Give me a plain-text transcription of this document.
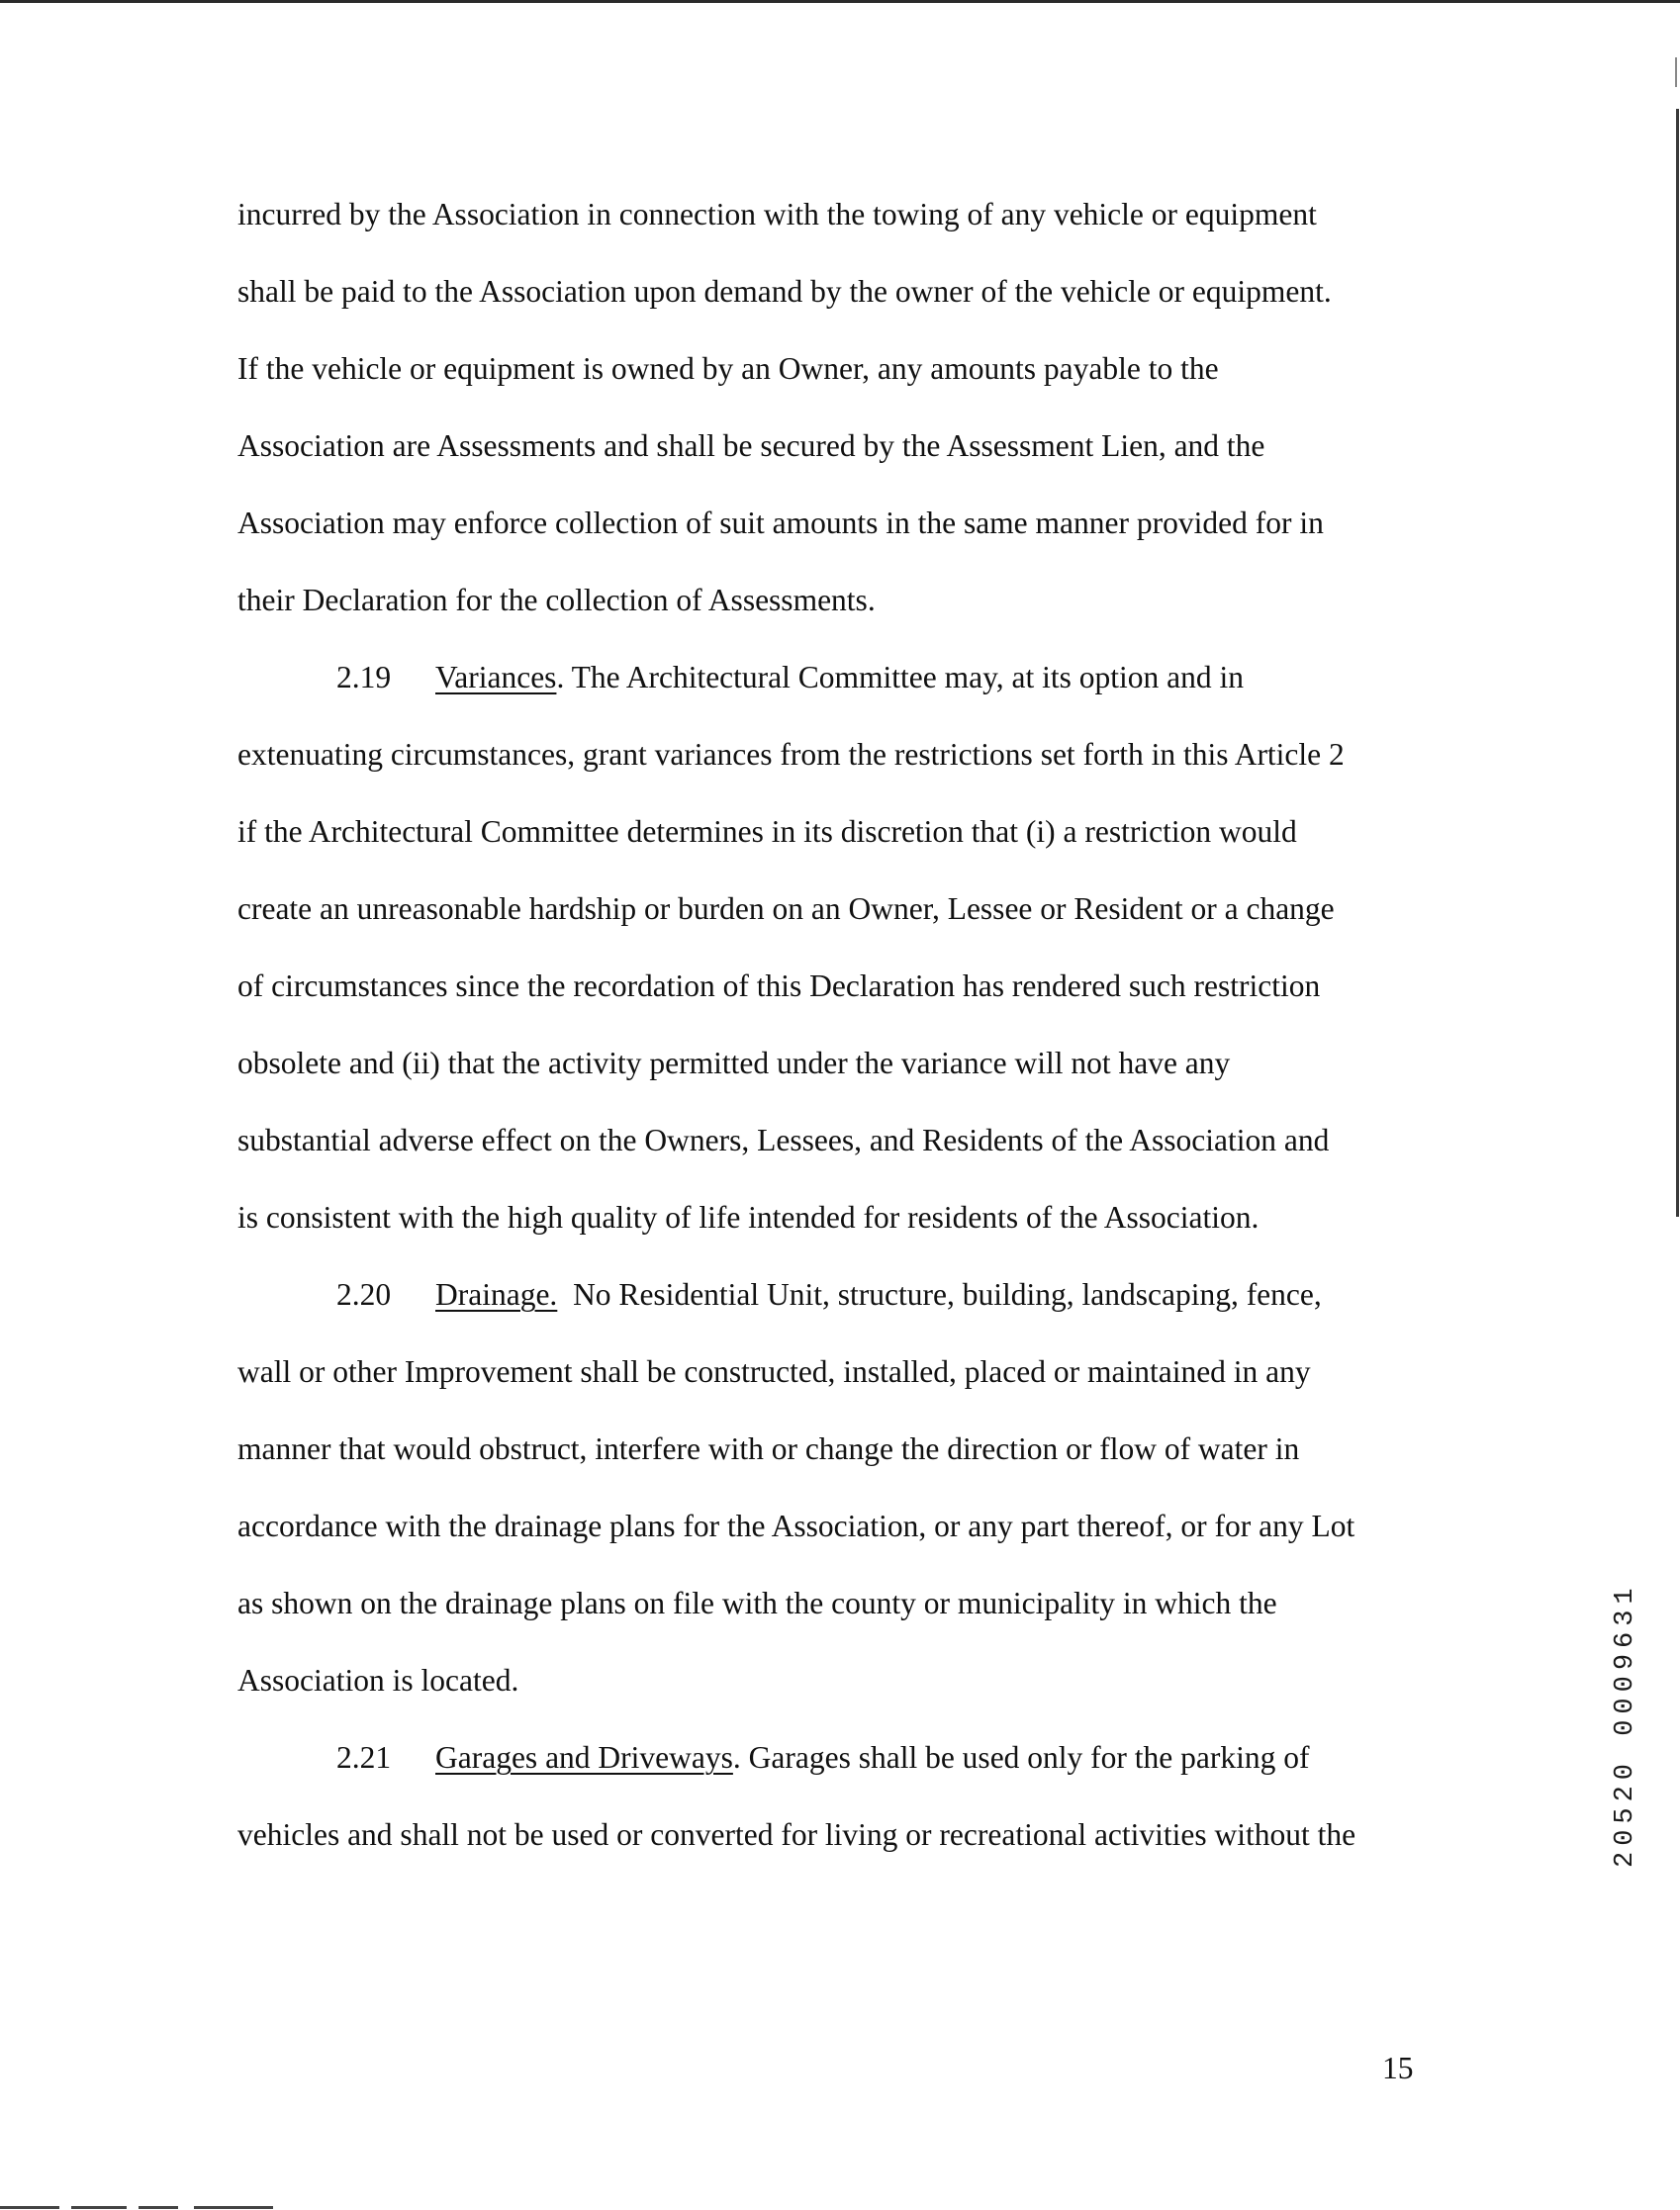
incurred by the Association in connection with the towing of any vehicle or equipment
shall be paid to the Association upon demand by the owner of the vehicle or equipment.
If the vehicle or equipment is owned by an Owner, any amounts payable to the
Association are Assessments and shall be secured by the Assessment Lien, and the
Association may enforce collection of suit amounts in the same manner provided for in
their Declaration for the collection of Assessments.
2.19 Variances. The Architectural Committee may, at its option and in
extenuating circumstances, grant variances from the restrictions set forth in this Article 2
if the Architectural Committee determines in its discretion that (i) a restriction would
create an unreasonable hardship or burden on an Owner, Lessee or Resident or a change
of circumstances since the recordation of this Declaration has rendered such restriction
obsolete and (ii) that the activity permitted under the variance will not have any
substantial adverse effect on the Owners, Lessees, and Residents of the Association and
is consistent with the high quality of life intended for residents of the Association.
2.20 Drainage.  No Residential Unit, structure, building, landscaping, fence,
wall or other Improvement shall be constructed, installed, placed or maintained in any
manner that would obstruct, interfere with or change the direction or flow of water in
accordance with the drainage plans for the Association, or any part thereof, or for any Lot
as shown on the drainage plans on file with the county or municipality in which the
Association is located.
2.21 Garages and Driveways. Garages shall be used only for the parking of
vehicles and shall not be used or converted for living or recreational activities without the	20520 0009631
15
